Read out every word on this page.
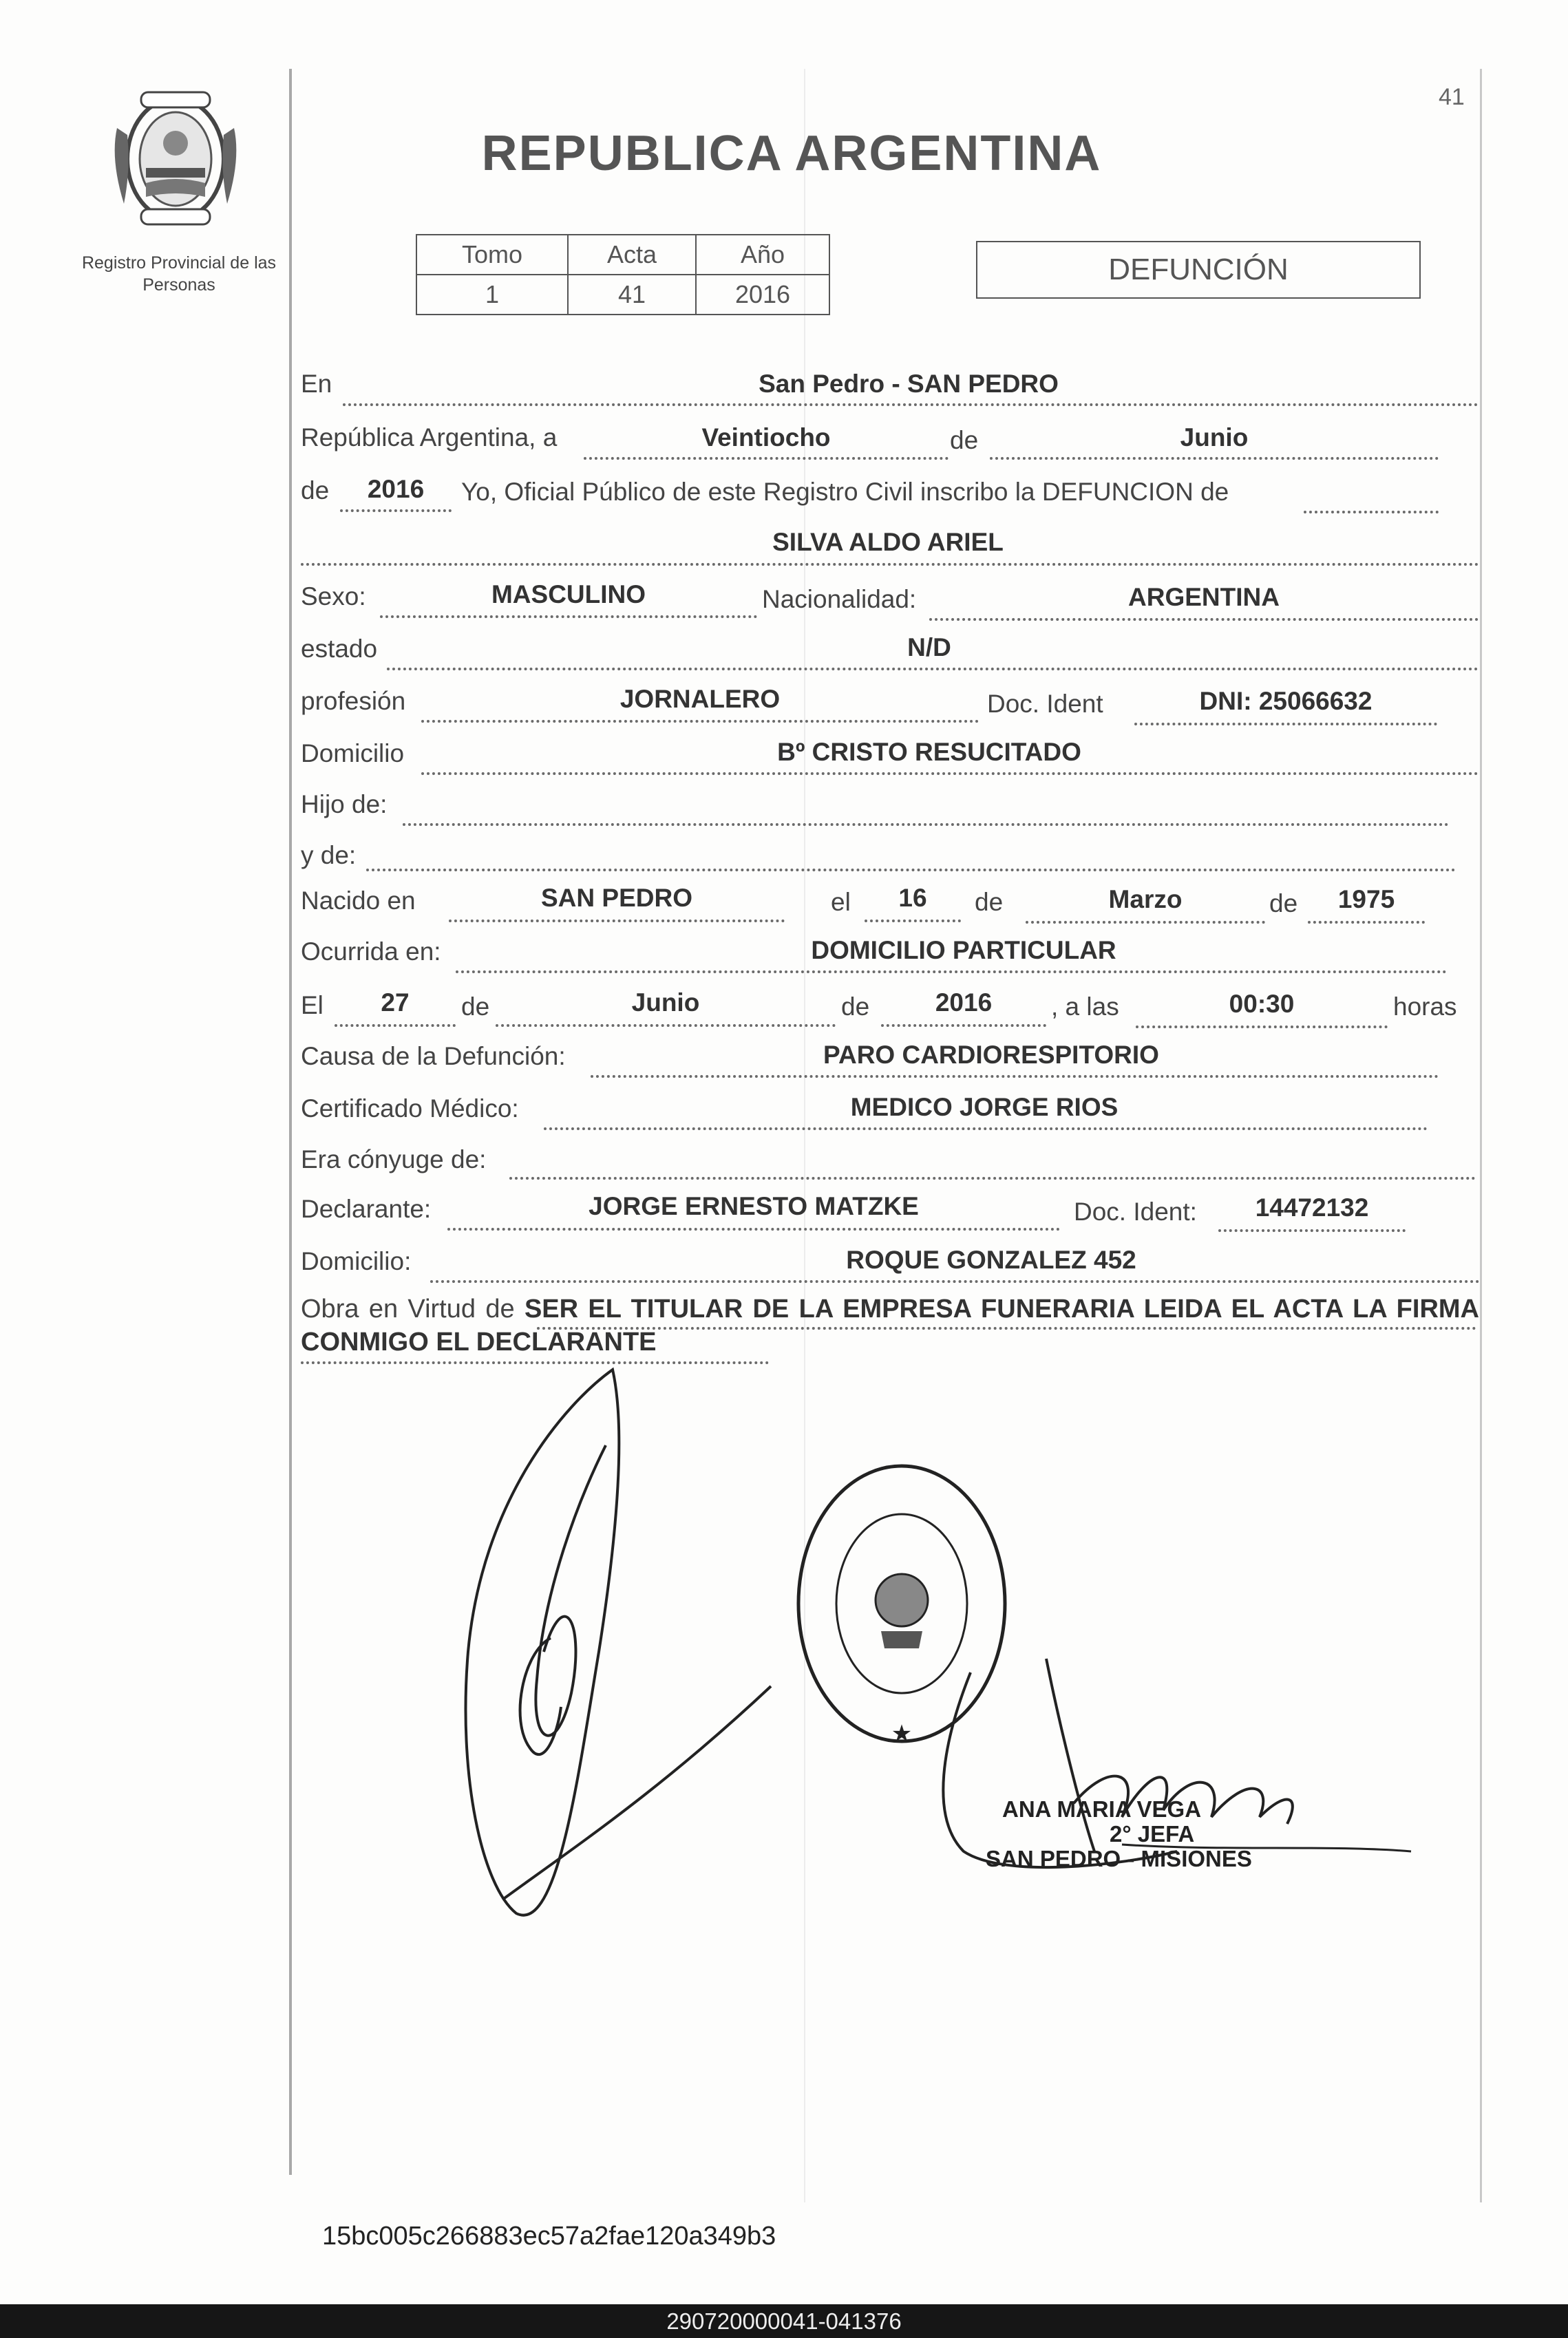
Registro Provincial de las Personas
41
REPUBLICA ARGENTINA
Tomo	Acta	Año
1	41	2016
DEFUNCIÓN
En	San Pedro - SAN PEDRO
República Argentina, a	Veintiocho	de	Junio
de	2016	Yo, Oficial Público de este Registro Civil inscribo la DEFUNCION de
SILVA ALDO ARIEL
Sexo:	MASCULINO	Nacionalidad:	ARGENTINA
estado	N/D
profesión	JORNALERO	Doc. Ident	DNI: 25066632
Domicilio	Bº CRISTO RESUCITADO
Hijo de:
y de:
Nacido en	SAN PEDRO	el	16	de	Marzo	de	1975
Ocurrida en:	DOMICILIO PARTICULAR
El	27	de	Junio	de	2016	, a las	00:30	horas
Causa de la Defunción:	PARO CARDIORESPITORIO
Certificado Médico:	MEDICO JORGE RIOS
Era cónyuge de:
Declarante:	JORGE ERNESTO MATZKE	Doc. Ident:	14472132
Domicilio:	ROQUE GONZALEZ 452
Obra en Virtud de SER EL TITULAR DE LA EMPRESA FUNERARIA LEIDA EL ACTA LA FIRMA CONMIGO EL DECLARANTE
★
ANA MARIA VEGA
2° JEFA
SAN PEDRO - MISIONES
15bc005c266883ec57a2fae120a349b3
290720000041-041376
